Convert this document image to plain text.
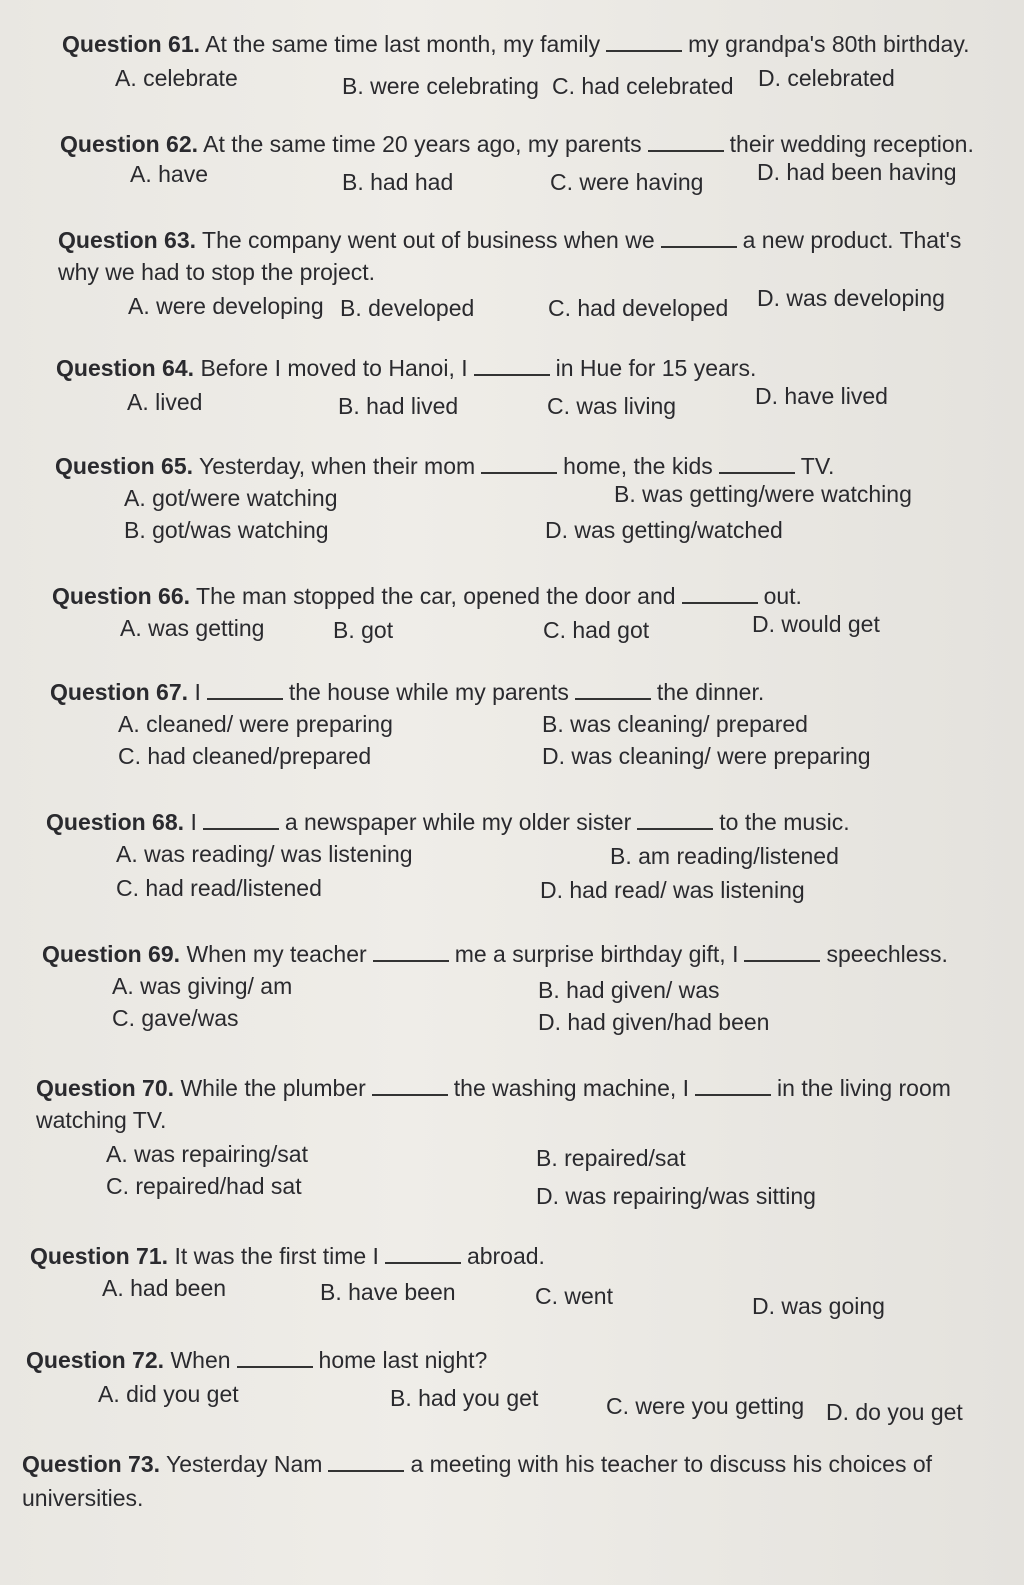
Question 61. At the same time last month, my family	my grandpa's 80th birthday.
A. celebrate	B. were celebrating C. had celebrated D. celebrated
Question 62. At the same time 20 years ago, my parents	their wedding reception.
A. have	B. had had	C. were having D. had been having
Question 63. The company went out of business when we	a new product. That's
why we had to stop the project.
A. were developing B. developed	C. had developed D. was developing
Question 64. Before I moved to Hanoi, I	in Hue for 15 years.
A. lived	B. had lived	C. was living	D. have lived
Question 65. Yesterday, when their mom	home, the kids	TV.
A. got/were watching	B. was getting/were watching
B. got/was watching	D. was getting/watched
Question 66. The man stopped the car, opened the door and	out.
A. was getting	B. got	C. had got	D. would get
Question 67. I	the house while my parents	the dinner.
A. cleaned/ were preparing	B. was cleaning/ prepared
C. had cleaned/prepared	D. was cleaning/ were preparing
Question 68. I	a newspaper while my older sister	to the music.
A. was reading/ was listening	B. am reading/listened
C. had read/listened	D. had read/ was listening
Question 69. When my teacher	me a surprise birthday gift, I	speechless.
A. was giving/ am	B. had given/ was
C. gave/was	D. had given/had been
Question 70. While the plumber	the washing machine, I	in the living room
watching TV.
A. was repairing/sat	B. repaired/sat
C. repaired/had sat	D. was repairing/was sitting
Question 71. It was the first time I	abroad.
A. had been	B. have been	C. went	D. was going
Question 72. When	home last night?
A. did you get	B. had you get	C. were you getting D. do you get
Question 73. Yesterday Nam	a meeting with his teacher to discuss his choices of
universities.
